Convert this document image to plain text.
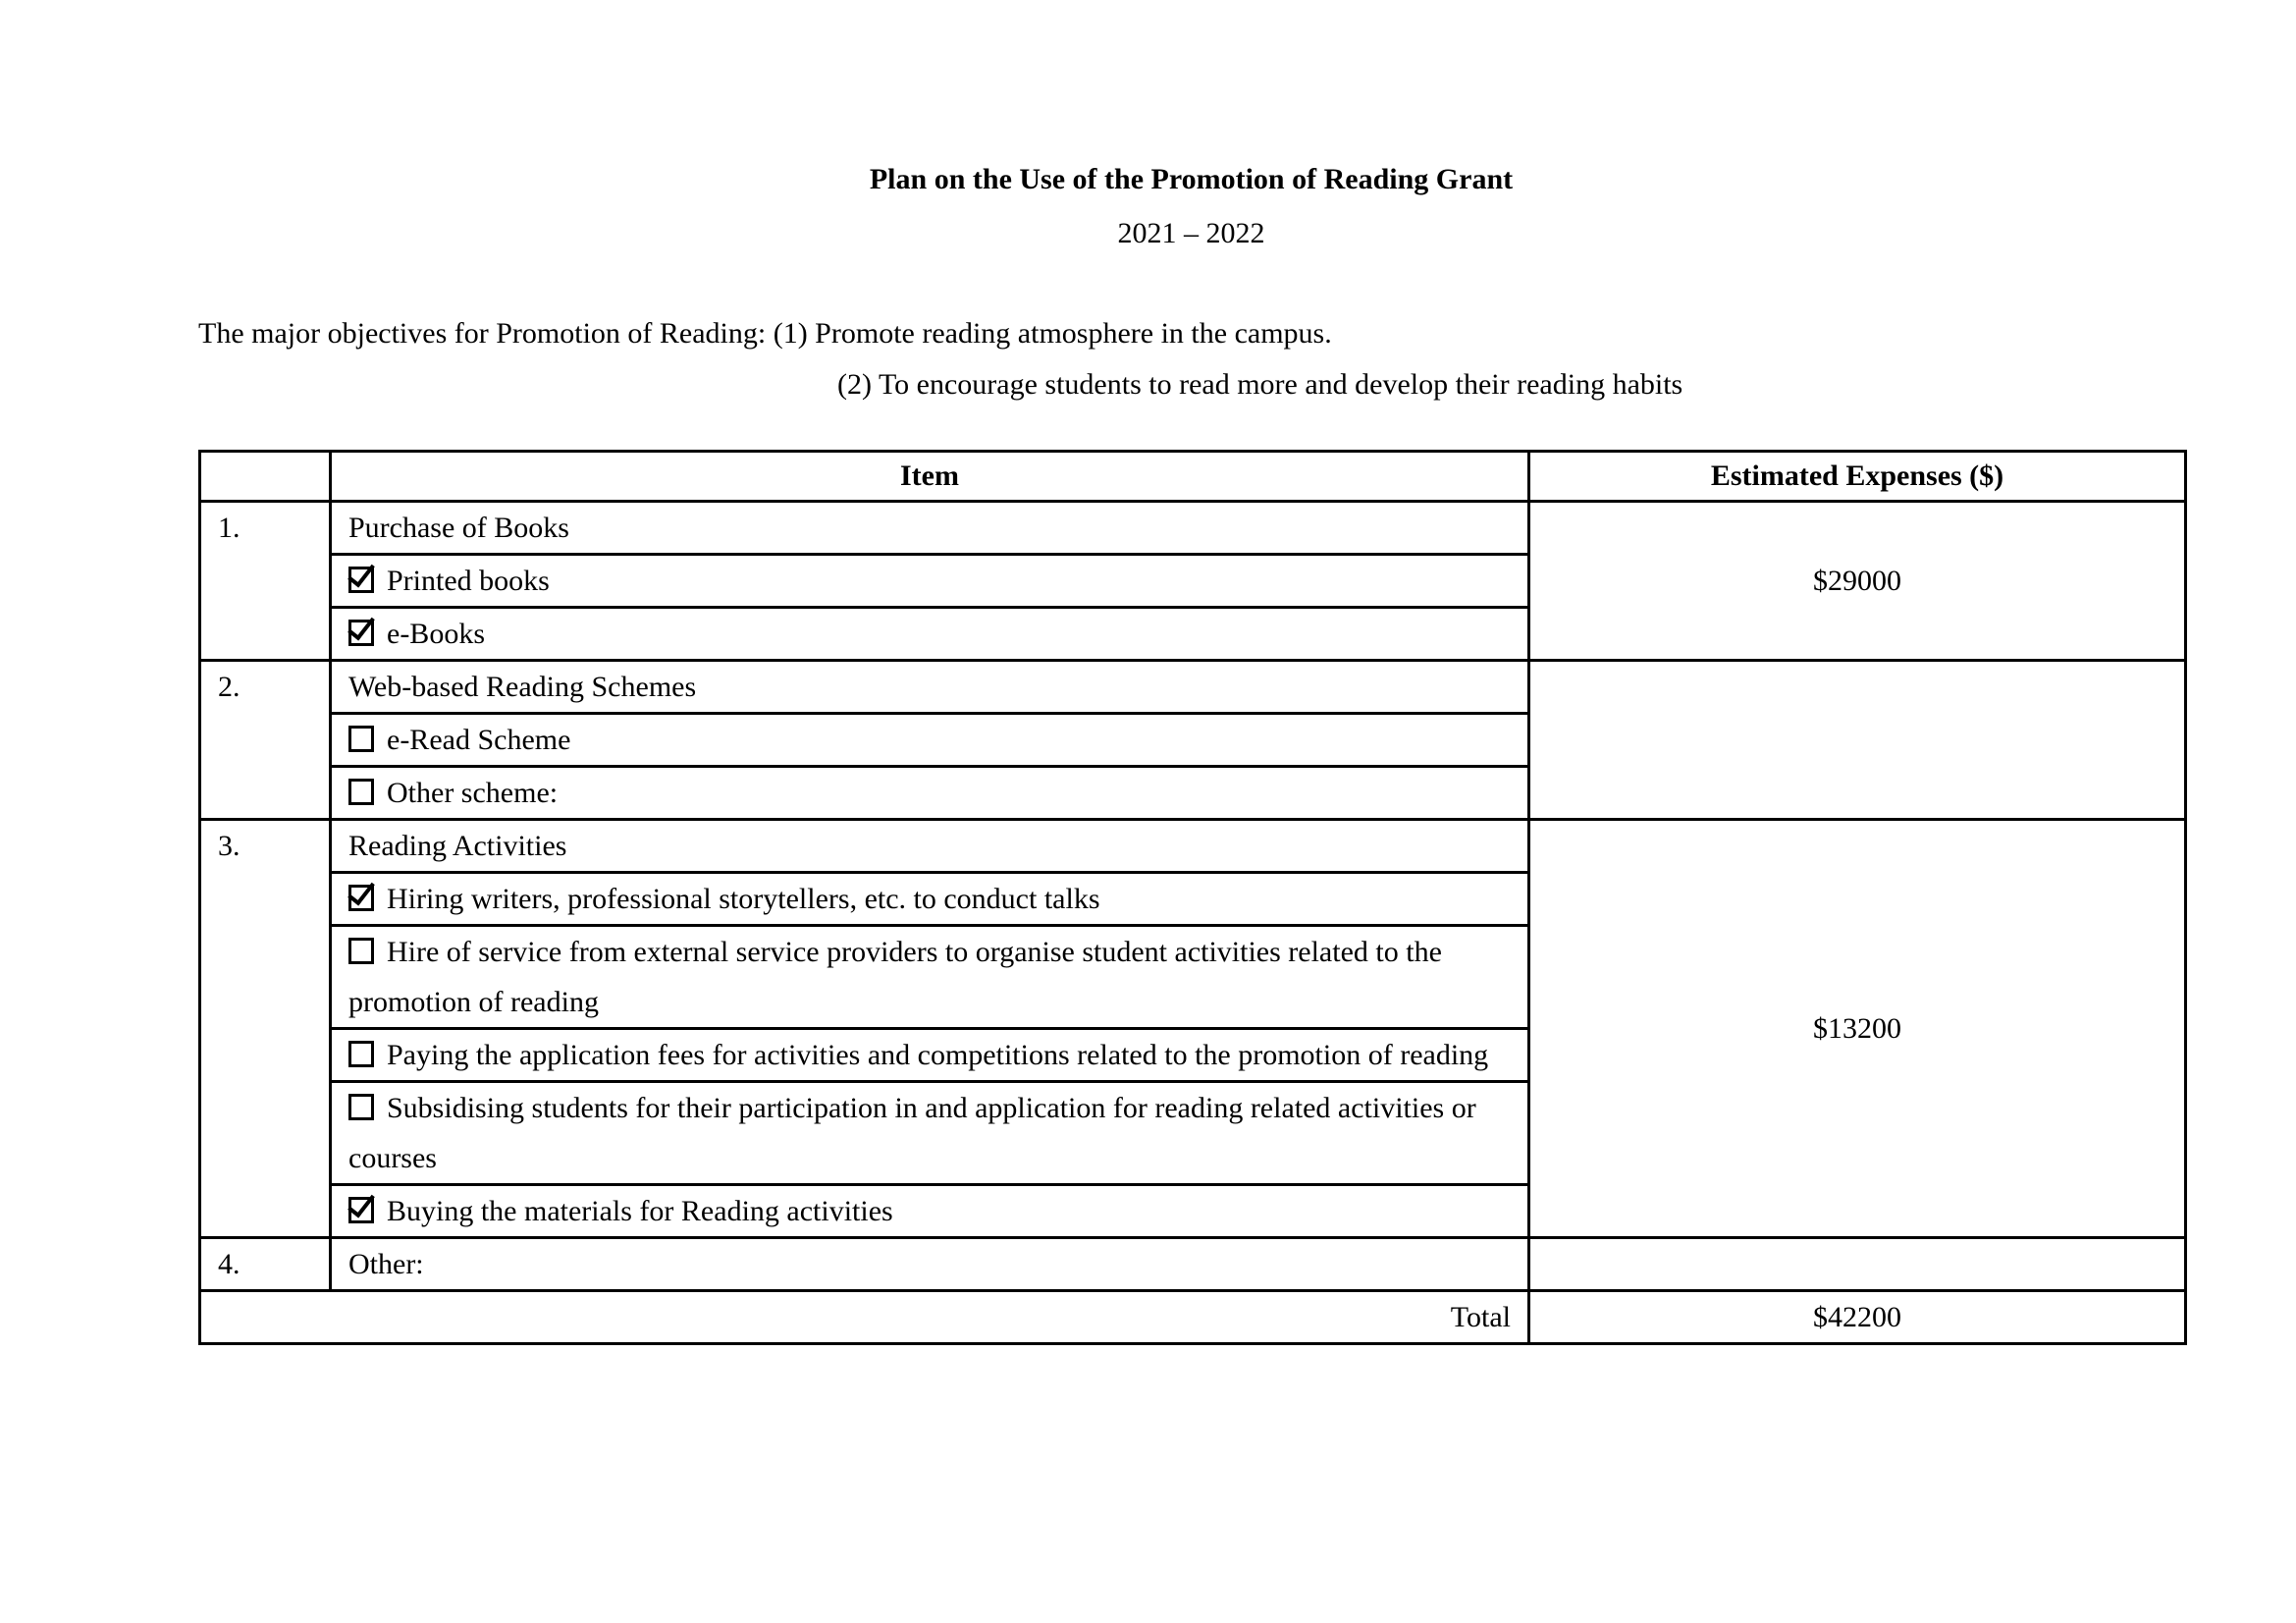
Plan on the Use of the Promotion of Reading Grant
2021 – 2022
The major objectives for Promotion of Reading: (1) Promote reading atmosphere in the campus.
(2) To encourage students to read more and develop their reading habits
	Item	Estimated Expenses ($)
1.	Purchase of Books	$29000
	Printed books	
	e-Books	
2.	Web-based Reading Schemes	
	e-Read Scheme	
	Other scheme:	
3.	Reading Activities	$13200
	Hiring writers, professional storytellers, etc. to conduct talks	
	Hire of service from external service providers to organise student activities related to the promotion of reading	
	Paying the application fees for activities and competitions related to the promotion of reading	
	Subsidising students for their participation in and application for reading related activities or courses	
	Buying the materials for Reading activities	
4.	Other:	
Total		$42200
